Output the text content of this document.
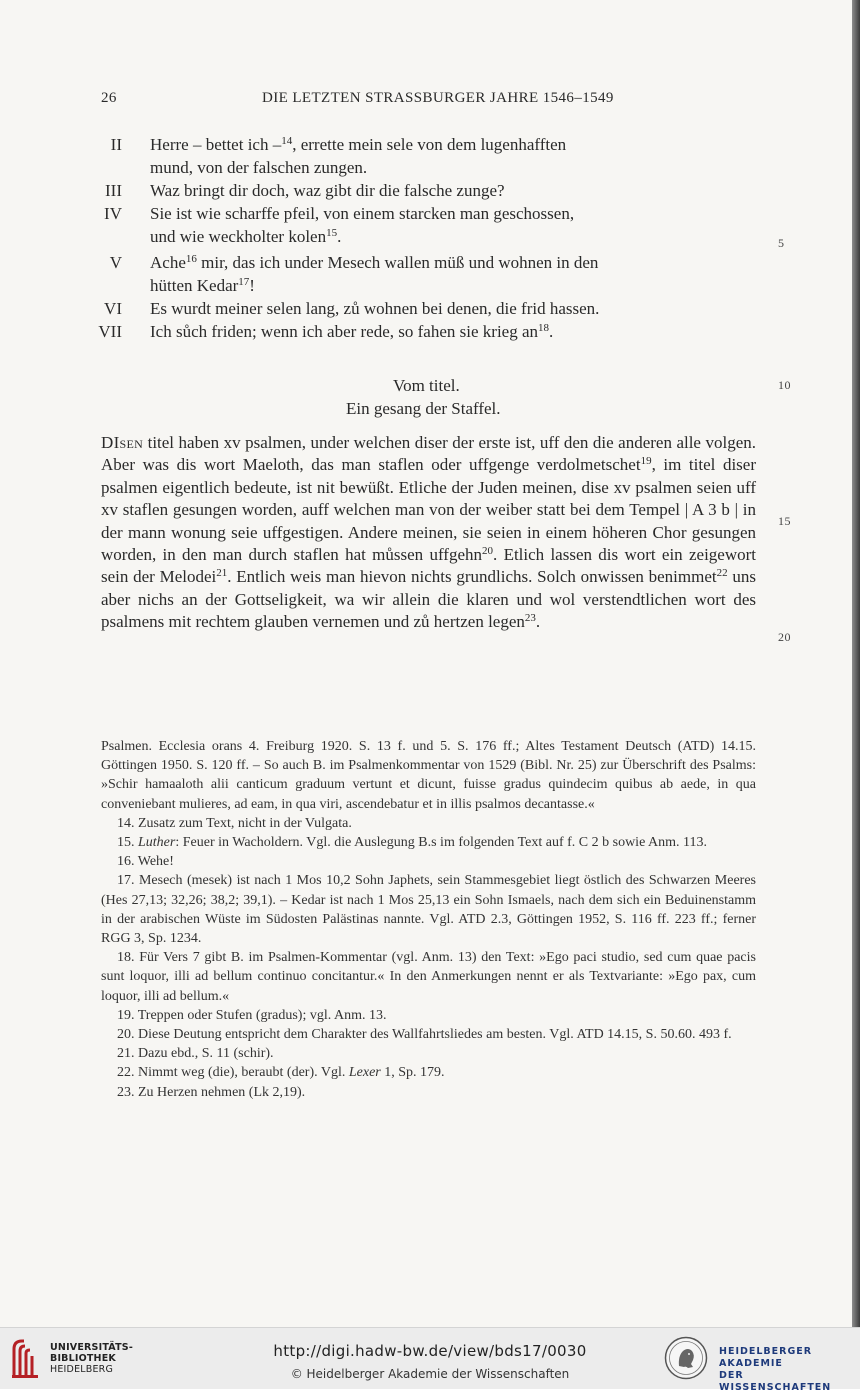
26	DIE LETZTEN STRASSBURGER JAHRE 1546–1549
II Herre – bettet ich –$^{14}$, errette mein sele von dem lugenhafften
mund, von der falschen zungen.
III Waz bringt dir doch, waz gibt dir die falsche zunge?
IV Sie ist wie scharffe pfeil, von einem starcken man geschossen,
und wie weckholter kolen$^{15}$.
V Ache$^{16}$ mir, das ich under Mesech wallen müß und wohnen in den
hütten Kedar$^{17}$!
VI Es wurdt meiner selen lang, zů wohnen bei denen, die frid hassen.
VII Ich sůch friden; wenn ich aber rede, so fahen sie krieg $an^{18}$.
5
10
15
20
Vom titel.
Ein gesang der Staffel.
DIsen titel haben xv psalmen, under welchen diser der erste ist, uff den die anderen alle volgen. Aber was dis wort Maeloth, das man staflen oder uffgenge verdolmetschet$^{19}$, im titel diser psalmen eigentlich bedeute, ist nit bewüßt. Etliche der Juden meinen, dise xv psalmen seien uff xv staflen gesungen worden, auff welchen man von der weiber statt bei dem Tempel | A 3 b | in der mann wonung seie uffgestigen. Andere meinen, sie seien in einem höheren Chor gesungen worden, in den man durch staflen hat můssen uffgehn$^{20}$. Etlich lassen dis wort ein zeigewort sein der Melodei$^{21}$. Entlich weis man hievon nichts grundlichs. Solch onwissen benimmet$^{22}$ uns aber nichs an der Gottseligkeit, wa wir allein die klaren und wol verstendtlichen wort des psalmens mit rechtem glauben vernemen und zů hertzen legen$^{23}$.

Psalmen. Ecclesia orans 4. Freiburg 1920. S. 13 f. und 5. S. 176 ff.; Altes Testament Deutsch (ATD) 14.15. Göttingen 1950. S. 120 ff. – So auch B. im Psalmenkommentar von 1529 (Bibl. Nr. 25) zur Überschrift des Psalms: »Schir hamaaloth alii canticum graduum vertunt et dicunt, fuisse gradus quindecim quibus ab aede, in qua conveniebant mulieres, ad eam, in qua viri, ascendebatur et in illis psalmos decantasse.«

14. Zusatz zum Text, nicht in der Vulgata.

15. Luther: Feuer in Wacholdern. Vgl. die Auslegung B.s im folgenden Text auf f. C 2 b sowie Anm. 113.

16. Wehe!

17. Mesech (mesek) ist nach 1 Mos 10,2 Sohn Japhets, sein Stammesgebiet liegt östlich des Schwarzen Meeres (Hes 27,13; 32,26; 38,2; 39,1). – Kedar ist nach 1 Mos 25,13 ein Sohn Ismaels, nach dem sich ein Beduinenstamm in der arabischen Wüste im Südosten Palästinas nannte. Vgl. ATD 2.3, Göttingen 1952, S. 116 ff. 223 ff.; ferner RGG 3, Sp. 1234.

18. Für Vers 7 gibt B. im Psalmen-Kommentar (vgl. Anm. 13) den Text: »Ego paci studio, sed cum quae pacis sunt loquor, illi ad bellum continuo concitantur.« In den Anmerkungen nennt er als Textvariante: »Ego pax, cum loquor, illi ad bellum.«

19. Treppen oder Stufen (gradus); vgl. Anm. 13.

20. Diese Deutung entspricht dem Charakter des Wallfahrtsliedes am besten. Vgl. ATD 14.15, S. 50.60. 493 f.

21. Dazu ebd., S. 11 (schir).

22. Nimmt weg (die), beraubt (der). Vgl. Lexer 1, Sp. 179.

23. Zu Herzen nehmen (Lk 2,19).

UNIVERSITÄTS-
BIBLIOTHEK
HEIDELBERG
http://digi.hadw-bw.de/view/bds17/0030
© Heidelberger Akademie der Wissenschaften
HEIDELBERGER AKADEMIE
DER WISSENSCHAFTEN
